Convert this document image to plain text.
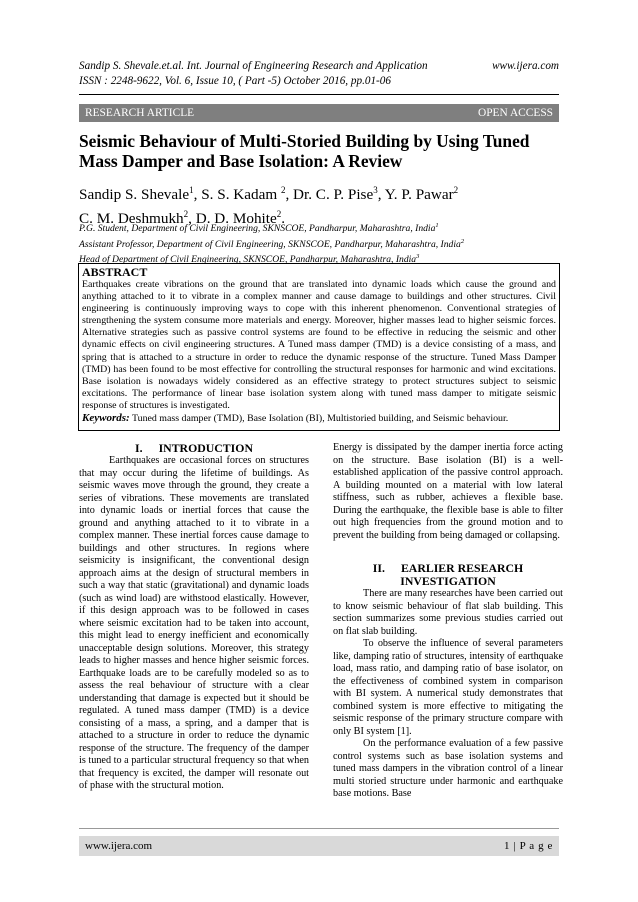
Sandip S. Shevale.et.al. Int. Journal of Engineering Research and Application	www.ijera.com
ISSN : 2248-9622, Vol. 6, Issue 10, ( Part -5) October 2016, pp.01-06
RESEARCH ARTICLE	OPEN ACCESS
Seismic Behaviour of Multi-Storied Building by Using Tuned Mass Damper and Base Isolation: A Review
Sandip S. Shevale$^1$, S. S. Kadam $^2$, Dr. C. P. Pise$^3$, Y. P. Pawar$^2$
C. M. Deshmukh$^2$, D. D. Mohite$^2$.
P.G. Student, Department of Civil Engineering, SKNSCOE, Pandharpur, Maharashtra, India$^1$
Assistant Professor, Department of Civil Engineering, SKNSCOE, Pandharpur, Maharashtra, India$^2$
Head of Department of Civil Engineering, SKNSCOE, Pandharpur, Maharashtra, India$^3$
ABSTRACT
Earthquakes create vibrations on the ground that are translated into dynamic loads which cause the ground and anything attached to it to vibrate in a complex manner and cause damage to buildings and other structures. Civil engineering is continuously improving ways to cope with this inherent phenomenon. Conventional strategies of strengthening the system consume more materials and energy. Moreover, higher masses lead to higher seismic forces. Alternative strategies such as passive control systems are found to be effective in reducing the seismic and other dynamic effects on civil engineering structures. A Tuned mass damper (TMD) is a device consisting of a mass, and spring that is attached to a structure in order to reduce the dynamic response of the structure. Tuned Mass Damper (TMD) has been found to be most effective for controlling the structural responses for harmonic and wind excitations. Base isolation is nowadays widely considered as an effective strategy to protect structures subject to seismic excitations. The performance of linear base isolation system along with tuned mass damper to mitigate seismic response of structures is investigated.
Keywords: Tuned mass damper (TMD), Base Isolation (BI), Multistoried building, and Seismic behaviour.
I. INTRODUCTION

Earthquakes are occasional forces on structures that may occur during the lifetime of buildings. As seismic waves move through the ground, they create a series of vibrations. These movements are translated into dynamic loads or inertial forces that cause the ground and anything attached to it to vibrate in a complex manner. These inertial forces cause damage to buildings and other structures. In regions where seismicity is insignificant, the conventional design approach aims at the design of structural members in such a way that static (gravitational) and dynamic loads (such as wind load) are withstood elastically. However, if this design approach was to be followed in cases where seismic excitation had to be taken into account, this might lead to energy inefficient and economically unacceptable design solutions. Moreover, this strategy leads to higher masses and hence higher seismic forces. Earthquake loads are to be carefully modeled so as to assess the real behaviour of structure with a clear understanding that damage is expected but it should be regulated. A tuned mass damper (TMD) is a device consisting of a mass, a spring, and a damper that is attached to a structure in order to reduce the dynamic response of the structure. The frequency of the damper is tuned to a particular structural frequency so that when that frequency is excited, the damper will resonate out of phase with the structural motion.

Energy is dissipated by the damper inertia force acting on the structure. Base isolation (BI) is a well-established application of the passive control approach. A building mounted on a material with low lateral stiffness, such as rubber, achieves a flexible base. During the earthquake, the flexible base is able to filter out high frequencies from the ground motion and to prevent the building from being damaged or collapsing.

II. EARLIER RESEARCH INVESTIGATION

There are many researches have been carried out to know seismic behaviour of flat slab building. This section summarizes some previous studies carried out on flat slab building.

To observe the influence of several parameters like, damping ratio of structures, intensity of earthquake load, mass ratio, and damping ratio of base isolator, on the effectiveness of combined system in comparison with BI system. A numerical study demonstrates that combined system is more effective to mitigating the seismic response of the primary structure compare with only BI system [1].

On the performance evaluation of a few passive control systems such as base isolation systems and tuned mass dampers in the vibration control of a linear multi storied structure under harmonic and earthquake base motions. Base

www.ijera.com	1 | P a g e
